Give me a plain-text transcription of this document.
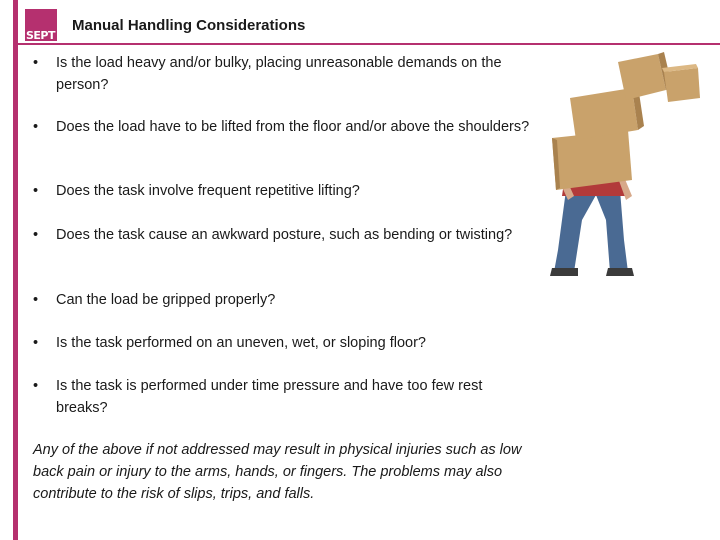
SEPT
Manual Handling Considerations
• Is the load heavy and/or bulky, placing unreasonable demands on the person?
• Does the load have to be lifted from the floor and/or above the shoulders?
• Does the task involve frequent repetitive lifting?
• Does the task cause an awkward posture, such as bending or twisting?
• Can the load be gripped properly?
• Is the task performed on an uneven, wet, or sloping floor?
• Is the task is performed under time pressure and have too few rest breaks?
Any of the above if not addressed may result in physical injuries such as low back pain or injury to the arms, hands, or fingers. The problems may also contribute to the risk of slips, trips, and falls.
